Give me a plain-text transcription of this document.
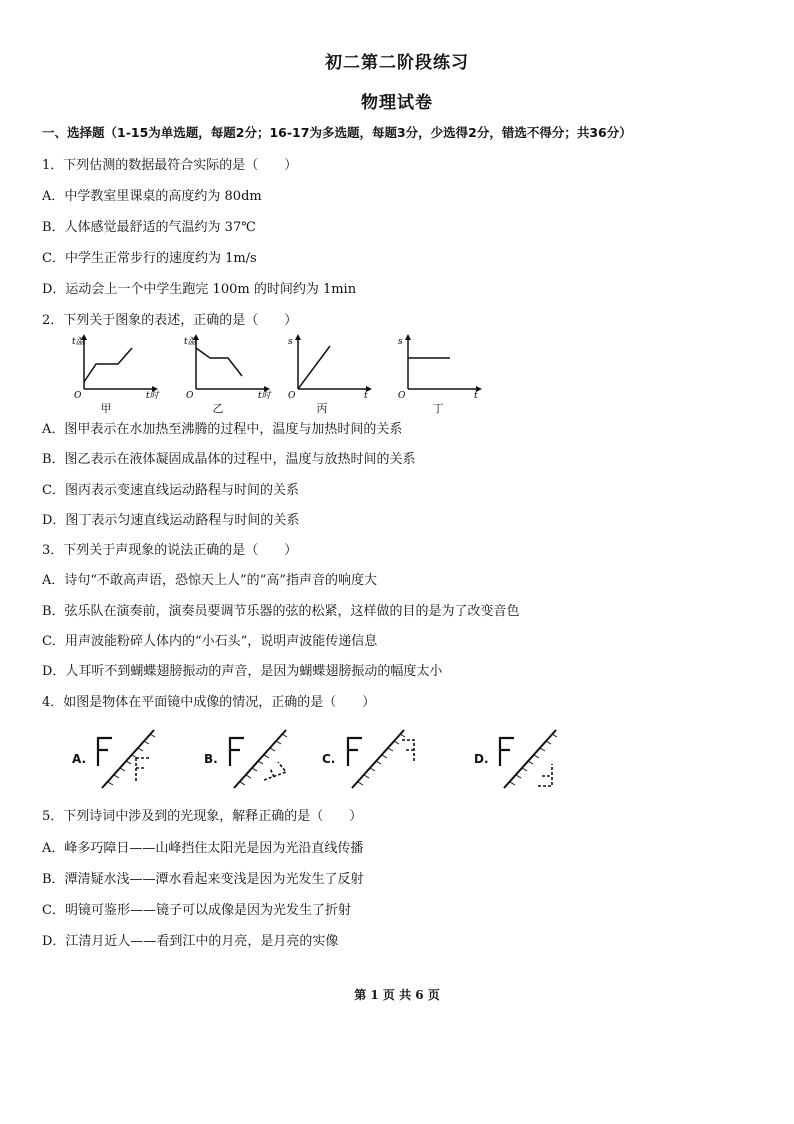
初二第二阶段练习
物理试卷
一、选择题（1-15为单选题，每题2分；16-17为多选题，每题3分，少选得2分，错选不得分；共36分）
1．下列估测的数据最符合实际的是（　　）
A．中学教室里课桌的高度约为 80dm
B．人体感觉最舒适的气温约为 37℃
C．中学生正常步行的速度约为 1m/s
D．运动会上一个中学生跑完 100m 的时间约为 1min
2．下列关于图象的表述，正确的是（　　）
t温
O	t时
甲
t温
O	t时
乙
s
O	t
丙
s
O	t
丁
A．图甲表示在水加热至沸腾的过程中，温度与加热时间的关系
B．图乙表示在液体凝固成晶体的过程中，温度与放热时间的关系
C．图丙表示变速直线运动路程与时间的关系
D．图丁表示匀速直线运动路程与时间的关系
3．下列关于声现象的说法正确的是（　　）
A．诗句“不敢高声语，恐惊天上人”的“高”指声音的响度大
B．弦乐队在演奏前，演奏员要调节乐器的弦的松紧，这样做的目的是为了改变音色
C．用声波能粉碎人体内的“小石头”，说明声波能传递信息
D．人耳听不到蝴蝶翅膀振动的声音，是因为蝴蝶翅膀振动的幅度太小
4．如图是物体在平面镜中成像的情况，正确的是（　　）
A.	B.	C.	D.
5．下列诗词中涉及到的光现象，解释正确的是（　　）
A．峰多巧障日——山峰挡住太阳光是因为光沿直线传播
B．潭清疑水浅——潭水看起来变浅是因为光发生了反射
C．明镜可鉴形——镜子可以成像是因为光发生了折射
D．江清月近人——看到江中的月亮，是月亮的实像
第 1 页 共 6 页
